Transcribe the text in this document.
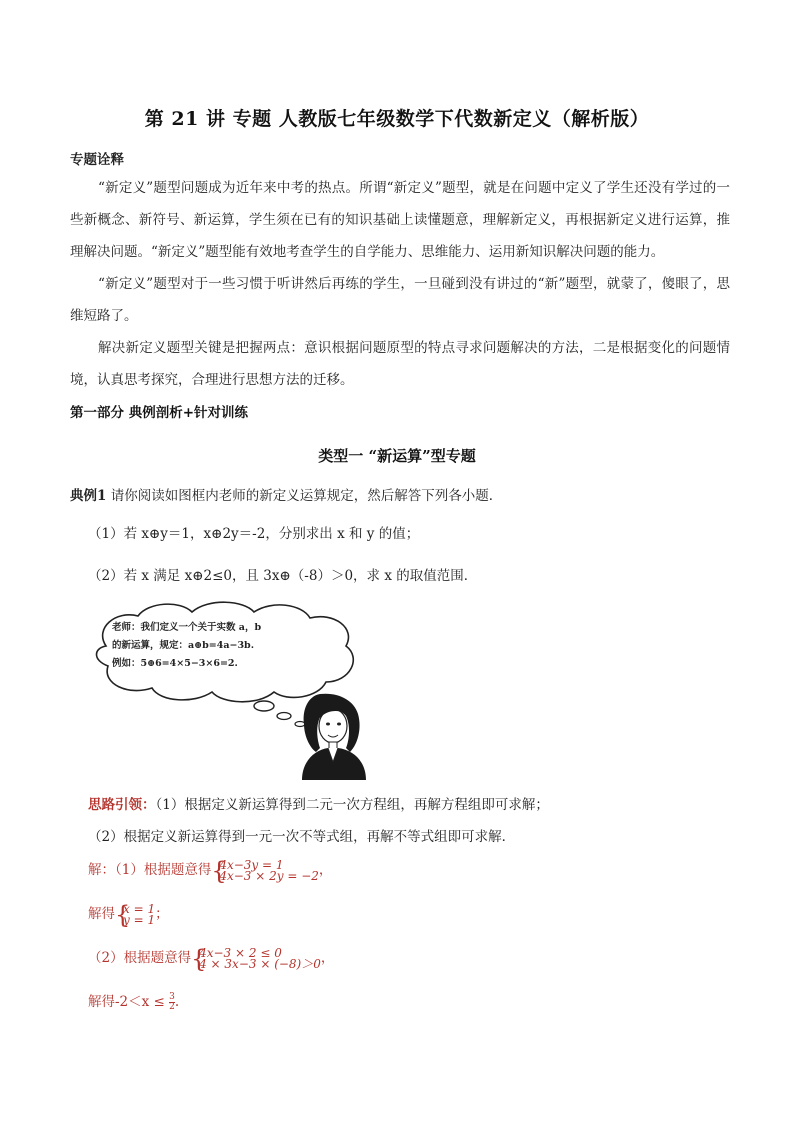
第 21 讲 专题 人教版七年级数学下代数新定义（解析版）
专题诠释
“新定义”题型问题成为近年来中考的热点。所谓“新定义”题型，就是在问题中定义了学生还没有学过的一些新概念、新符号、新运算，学生须在已有的知识基础上读懂题意，理解新定义，再根据新定义进行运算，推理解决问题。“新定义”题型能有效地考查学生的自学能力、思维能力、运用新知识解决问题的能力。
“新定义”题型对于一些习惯于听讲然后再练的学生，一旦碰到没有讲过的“新”题型，就蒙了，傻眼了，思维短路了。
解决新定义题型关键是把握两点：意识根据问题原型的特点寻求问题解决的方法，二是根据变化的问题情境，认真思考探究，合理进行思想方法的迁移。
第一部分 典例剖析+针对训练
类型一 “新运算”型专题
典例1 请你阅读如图框内老师的新定义运算规定，然后解答下列各小题．
（1）若 x⊕y＝1，x⊕2y＝-2，分别求出 x 和 y 的值；
（2）若 x 满足 x⊕2≤0，且 3x⊕（-8）＞0，求 x 的取值范围．
老师：我们定义一个关于实数 a，b
的新运算，规定：a⊕b=4a−3b.
例如：5⊕6=4×5−3×6=2.
思路引领：（1）根据定义新运算得到二元一次方程组，再解方程组即可求解；
（2）根据定义新运算得到一元一次不等式组，再解不等式组即可求解．
解：（1）根据题意得 {
4x−3y = 1
4x−3 × 2y = −2 ，
解得 {
x = 1
y = 1 ；
（2）根据题意得 {
4x−3 × 2 ≤ 0
4 × 3x−3 × (−8)＞0 ，
解得$-2<x \le \frac{3}{2}$ .
